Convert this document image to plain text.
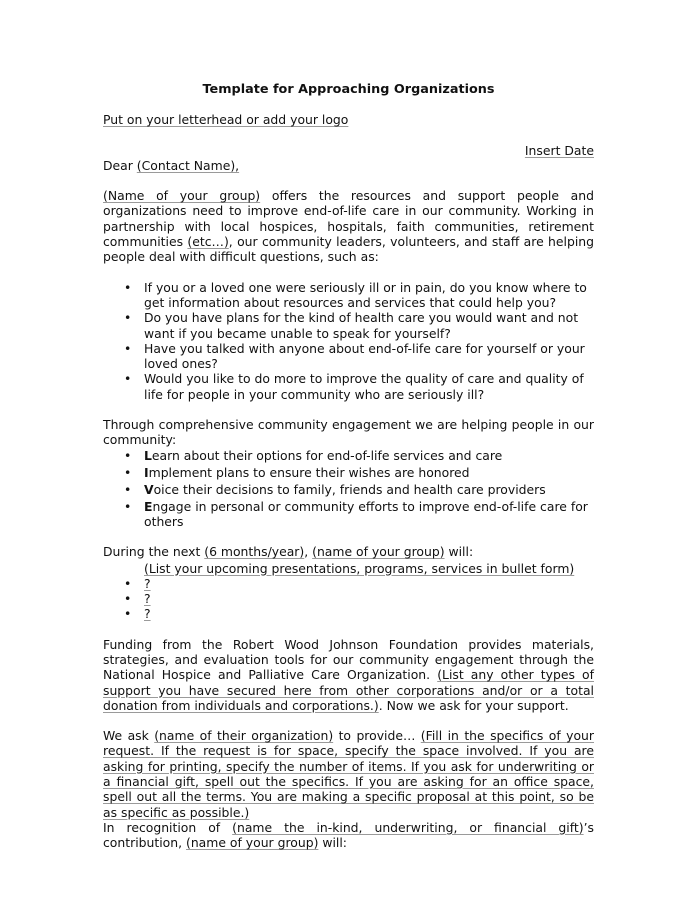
Template for Approaching Organizations

Put on your letterhead or add your logo

Insert Date

Dear (Contact Name),

(Name of your group) offers the resources and support people and organizations need to improve end-of-life care in our community. Working in partnership with local hospices, hospitals, faith communities, retirement communities (etc…), our community leaders, volunteers, and staff are helping people deal with difficult questions, such as:

• If you or a loved one were seriously ill or in pain, do you know where to get information about resources and services that could help you?
• Do you have plans for the kind of health care you would want and not want if you became unable to speak for yourself?
• Have you talked with anyone about end-of-life care for yourself or your loved ones?
• Would you like to do more to improve the quality of care and quality of life for people in your community who are seriously ill?

Through comprehensive community engagement we are helping people in our community:

• Learn about their options for end-of-life services and care
• Implement plans to ensure their wishes are honored
• Voice their decisions to family, friends and health care providers
• Engage in personal or community efforts to improve end-of-life care for others

During the next (6 months/year), (name of your group) will:

(List your upcoming presentations, programs, services in bullet form)

• ?
• ?
• ?

Funding from the Robert Wood Johnson Foundation provides materials, strategies, and evaluation tools for our community engagement through the National Hospice and Palliative Care Organization. (List any other types of support you have secured here from other corporations and/or or a total donation from individuals and corporations.). Now we ask for your support.

We ask (name of their organization) to provide… (Fill in the specifics of your request. If the request is for space, specify the space involved. If you are asking for printing, specify the number of items. If you ask for underwriting or a financial gift, spell out the specifics. If you are asking for an office space, spell out all the terms. You are making a specific proposal at this point, so be as specific as possible.)

In recognition of (name the in-kind, underwriting, or financial gift)’s contribution, (name of your group) will:
